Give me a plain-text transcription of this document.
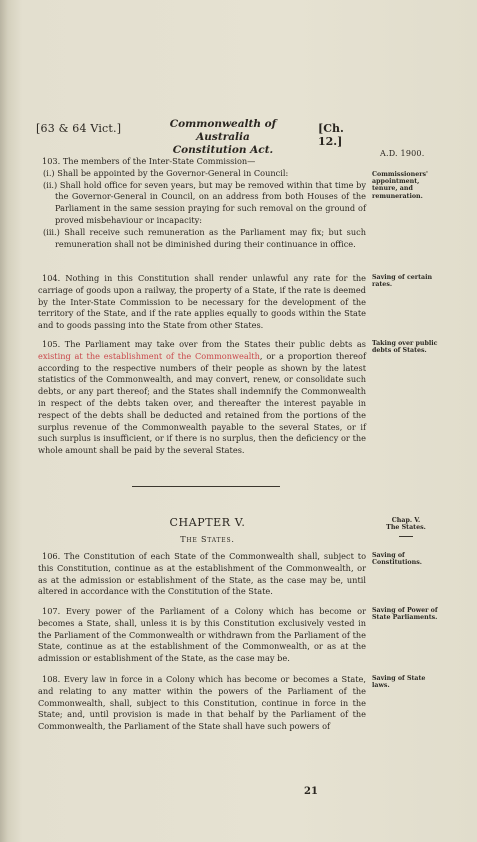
[63 & 64 Vict.]	Commonwealth of Australia
Constitution Act.
[Ch. 12.]
A.D. 1900.

103. The members of the Inter-State Commission—

(i.) Shall be appointed by the Governor-General in Council:

(ii.) Shall hold office for seven years, but may be removed within that time by the Governor-General in Council, on an address from both Houses of the Parliament in the same session praying for such removal on the ground of proved misbehaviour or incapacity:

(iii.) Shall receive such remuneration as the Parliament may fix; but such remuneration shall not be diminished during their continuance in office.

Commissioners' appointment, tenure, and remuneration.

104. Nothing in this Constitution shall render unlawful any rate for the carriage of goods upon a railway, the property of a State, if the rate is deemed by the Inter-State Commission to be necessary for the development of the territory of the State, and if the rate applies equally to goods within the State and to goods passing into the State from other States.

Saving of certain rates.

105. The Parliament may take over from the States their public debts as existing at the establishment of the Commonwealth, or a proportion thereof according to the respective numbers of their people as shown by the latest statistics of the Commonwealth, and may convert, renew, or consolidate such debts, or any part thereof; and the States shall indemnify the Commonwealth in respect of the debts taken over, and thereafter the interest payable in respect of the debts shall be deducted and retained from the portions of the surplus revenue of the Commonwealth payable to the several States, or if such surplus is insufficient, or if there is no surplus, then the deficiency or the whole amount shall be paid by the several States.

Taking over public debts of States.
CHAPTER V.
The States.
Chap. V.
The States.

106. The Constitution of each State of the Commonwealth shall, subject to this Constitution, continue as at the establishment of the Commonwealth, or as at the admission or establishment of the State, as the case may be, until altered in accordance with the Constitution of the State.

Saving of Constitutions.

107. Every power of the Parliament of a Colony which has become or becomes a State, shall, unless it is by this Constitution exclusively vested in the Parliament of the Commonwealth or withdrawn from the Parliament of the State, continue as at the establishment of the Commonwealth, or as at the admission or establishment of the State, as the case may be.

Saving of Power of State Parliaments.

108. Every law in force in a Colony which has become or becomes a State, and relating to any matter within the powers of the Parliament of the Commonwealth, shall, subject to this Constitution, continue in force in the State; and, until provision is made in that behalf by the Parliament of the Commonwealth, the Parliament of the State shall have such powers of

Saving of State laws.
21
